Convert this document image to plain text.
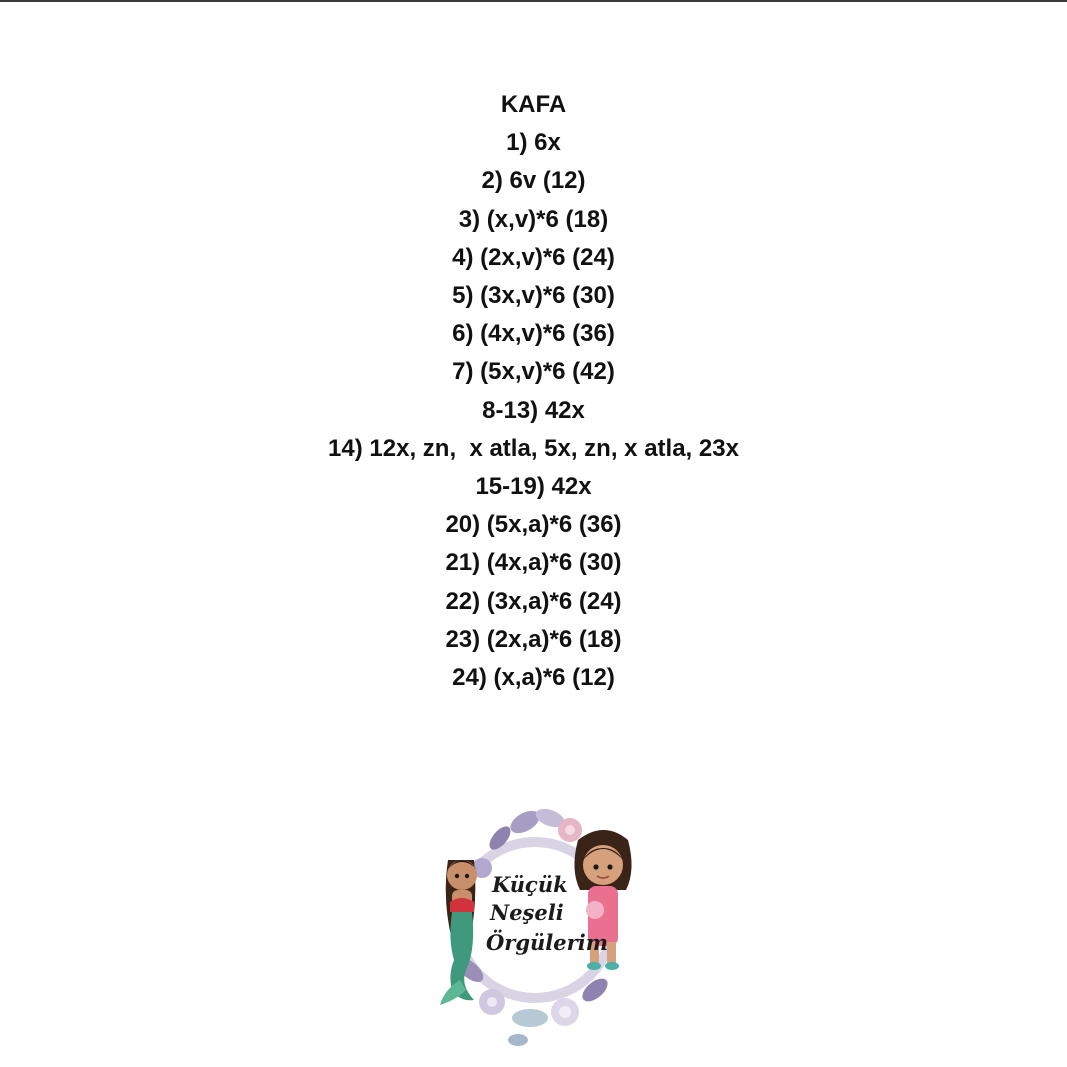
KAFA
1) 6x
2) 6v (12)
3) (x,v)*6 (18)
4) (2x,v)*6 (24)
5) (3x,v)*6 (30)
6) (4x,v)*6 (36)
7) (5x,v)*6 (42)
8-13) 42x
14) 12x, zn,  x atla, 5x, zn, x atla, 23x
15-19) 42x
20) (5x,a)*6 (36)
21) (4x,a)*6 (30)
22) (3x,a)*6 (24)
23) (2x,a)*6 (18)
24) (x,a)*6 (12)
Küçük
Neşeli
Örgülerim
